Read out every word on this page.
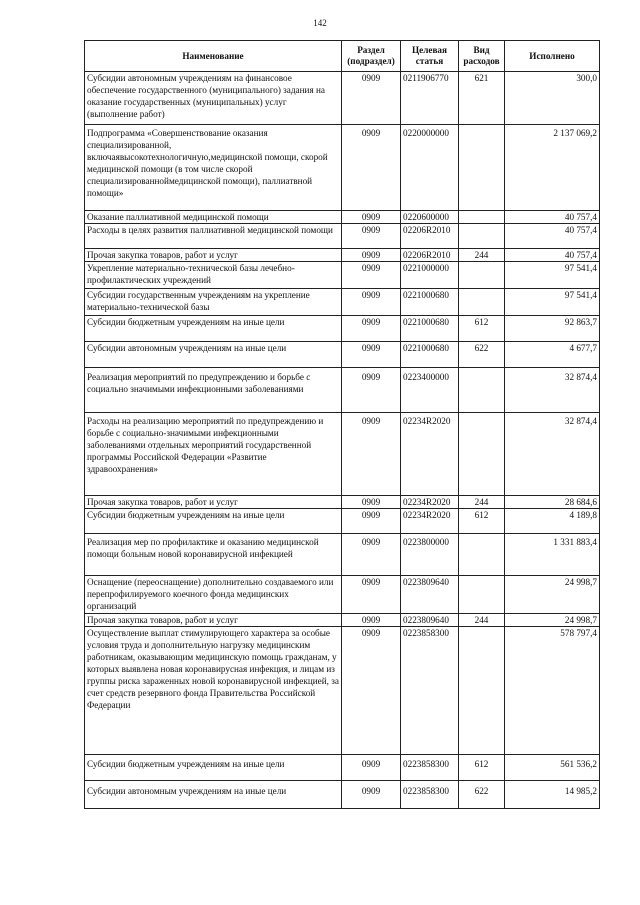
142
Наименование	Раздел (подраздел)	Целевая статья	Вид расходов	Исполнено
Субсидии автономным учреждениям на финансовое обеспечение государственного (муниципального) задания на оказание государственных (муниципальных) услуг (выполнение работ)	0909	0211906770	621	300,0
Подпрограмма «Совершенствование оказания специализированной, включаявысокотехнологичную,медицинской помощи, скорой медицинской помощи (в том числе скорой специализированноймедицинской помощи), паллиатвной помощи»	0909	0220000000		2 137 069,2
Оказание паллиативной медицинской помощи	0909	0220600000		40 757,4
Расходы в целях развития паллиативной медицинской помощи	0909	02206R2010		40 757,4
Прочая закупка товаров, работ и услуг	0909	02206R2010	244	40 757,4
Укрепление материально-технической базы лечебно-профилактических учреждений	0909	0221000000		97 541,4
Субсидии государственным учреждениям на укрепление материально-технической базы	0909	0221000680		97 541,4
Субсидии бюджетным учреждениям на иные цели	0909	0221000680	612	92 863,7
Субсидии автономным учреждениям на иные цели	0909	0221000680	622	4 677,7
Реализация мероприятий по предупреждению и борьбе с социально значимыми инфекционными заболеваниями	0909	0223400000		32 874,4
Расходы на реализацию мероприятий по предупреждению и борьбе с социально-значимыми инфекционными заболеваниями отдельных мероприятий государственной программы Российской Федерации «Развитие здравоохранения»	0909	02234R2020		32 874,4
Прочая закупка товаров, работ и услуг	0909	02234R2020	244	28 684,6
Субсидии бюджетным учреждениям на иные цели	0909	02234R2020	612	4 189,8
Реализация мер по профилактике и оказанию медицинской помощи больным новой коронавирусной инфекцией	0909	0223800000		1 331 883,4
Оснащение (переоснащение) дополнительно создаваемого или перепрофилируемого коечного фонда медицинских организаций	0909	0223809640		24 998,7
Прочая закупка товаров, работ и услуг	0909	0223809640	244	24 998,7
Осуществление выплат стимулирующего характера за особые условия труда и дополнительную нагрузку медицинским работникам, оказывающим медицинскую помощь гражданам, у которых выявлена новая коронавирусная инфекция, и лицам из группы риска зараженных новой коронавирусной инфекцией, за счет средств резервного фонда Правительства Российской Федерации	0909	0223858300		578 797,4
Субсидии бюджетным учреждениям на иные цели	0909	0223858300	612	561 536,2
Субсидии автономным учреждениям на иные цели	0909	0223858300	622	14 985,2
